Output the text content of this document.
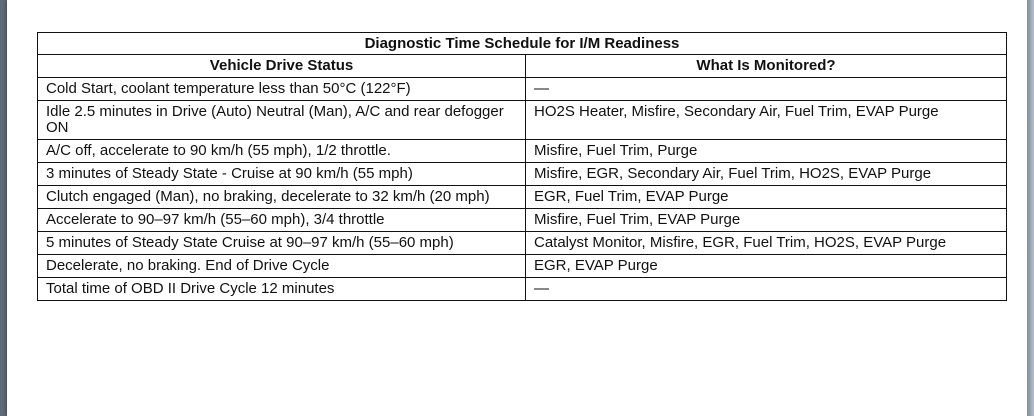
Diagnostic Time Schedule for I/M Readiness	
Vehicle Drive Status	What Is Monitored?
Cold Start, coolant temperature less than 50°C (122°F)	—
Idle 2.5 minutes in Drive (Auto) Neutral (Man), A/C and rear defogger ON	HO2S Heater, Misfire, Secondary Air, Fuel Trim, EVAP Purge
A/C off, accelerate to 90 km/h (55 mph), 1/2 throttle.	Misfire, Fuel Trim, Purge
3 minutes of Steady State - Cruise at 90 km/h (55 mph)	Misfire, EGR, Secondary Air, Fuel Trim, HO2S, EVAP Purge
Clutch engaged (Man), no braking, decelerate to 32 km/h (20 mph)	EGR, Fuel Trim, EVAP Purge
Accelerate to 90–97 km/h (55–60 mph), 3/4 throttle	Misfire, Fuel Trim, EVAP Purge
5 minutes of Steady State Cruise at 90–97 km/h (55–60 mph)	Catalyst Monitor, Misfire, EGR, Fuel Trim, HO2S, EVAP Purge
Decelerate, no braking. End of Drive Cycle	EGR, EVAP Purge
Total time of OBD II Drive Cycle 12 minutes	—
